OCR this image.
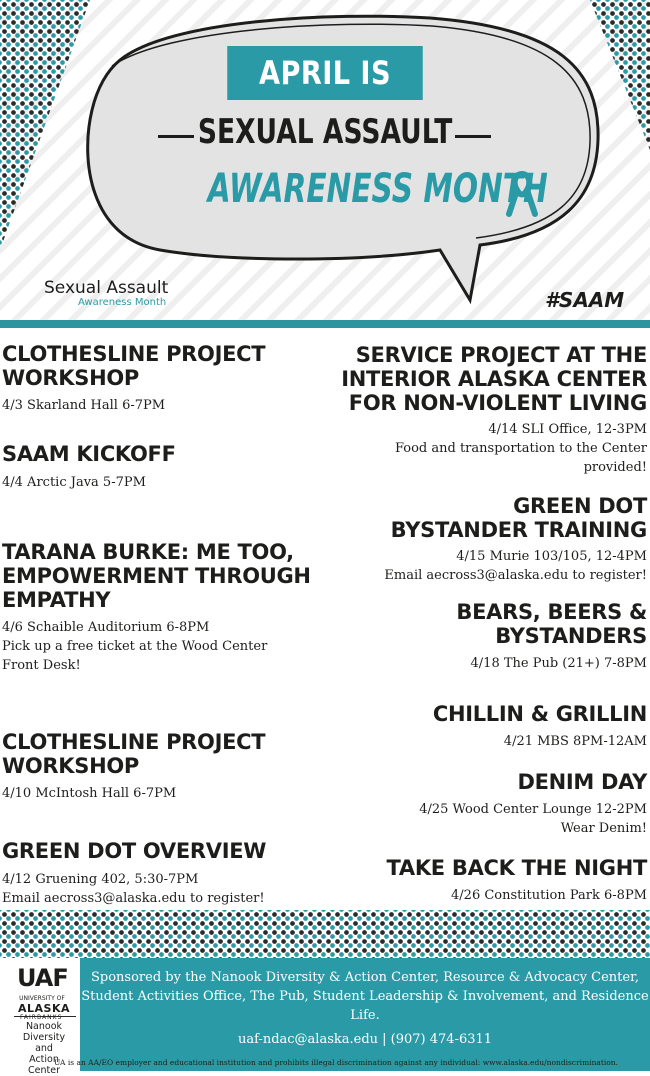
APRIL IS
SEXUAL ASSAULT
AWARENESS MONTH
Sexual Assault
Awareness Month	#SAAM
CLOTHESLINE PROJECT
WORKSHOP
4/3 Skarland Hall 6-7PM
SAAM KICKOFF
4/4 Arctic Java 5-7PM
TARANA BURKE: ME TOO,
EMPOWERMENT THROUGH
EMPATHY
4/6 Schaible Auditorium 6-8PM
Pick up a free ticket at the Wood Center
Front Desk!
CLOTHESLINE PROJECT
WORKSHOP
4/10 McIntosh Hall 6-7PM
GREEN DOT OVERVIEW
4/12 Gruening 402, 5:30-7PM
Email aecross3@alaska.edu to register!
SERVICE PROJECT AT THE
INTERIOR ALASKA CENTER
FOR NON-VIOLENT LIVING
4/14 SLI Office, 12-3PM
Food and transportation to the Center
provided!
GREEN DOT
BYSTANDER TRAINING
4/15 Murie 103/105, 12-4PM
Email aecross3@alaska.edu to register!
BEARS, BEERS &
BYSTANDERS
4/18 The Pub (21+) 7-8PM
CHILLIN & GRILLIN
4/21 MBS 8PM-12AM
DENIM DAY
4/25 Wood Center Lounge 12-2PM
Wear Denim!
TAKE BACK THE NIGHT
4/26 Constitution Park 6-8PM
UAF
UNIVERSITY OF
ALASKA
FAIRBANKS
Nanook
Diversity and
Action Center
Sponsored by the Nanook Diversity & Action Center, Resource & Advocacy Center, Student Activities Office, The Pub, Student Leadership & Involvement, and Residence Life.
uaf-ndac@alaska.edu | (907) 474-6311
UA is an AA/EO employer and educational institution and prohibits illegal discrimination against any individual: www.alaska.edu/nondiscrimination.
